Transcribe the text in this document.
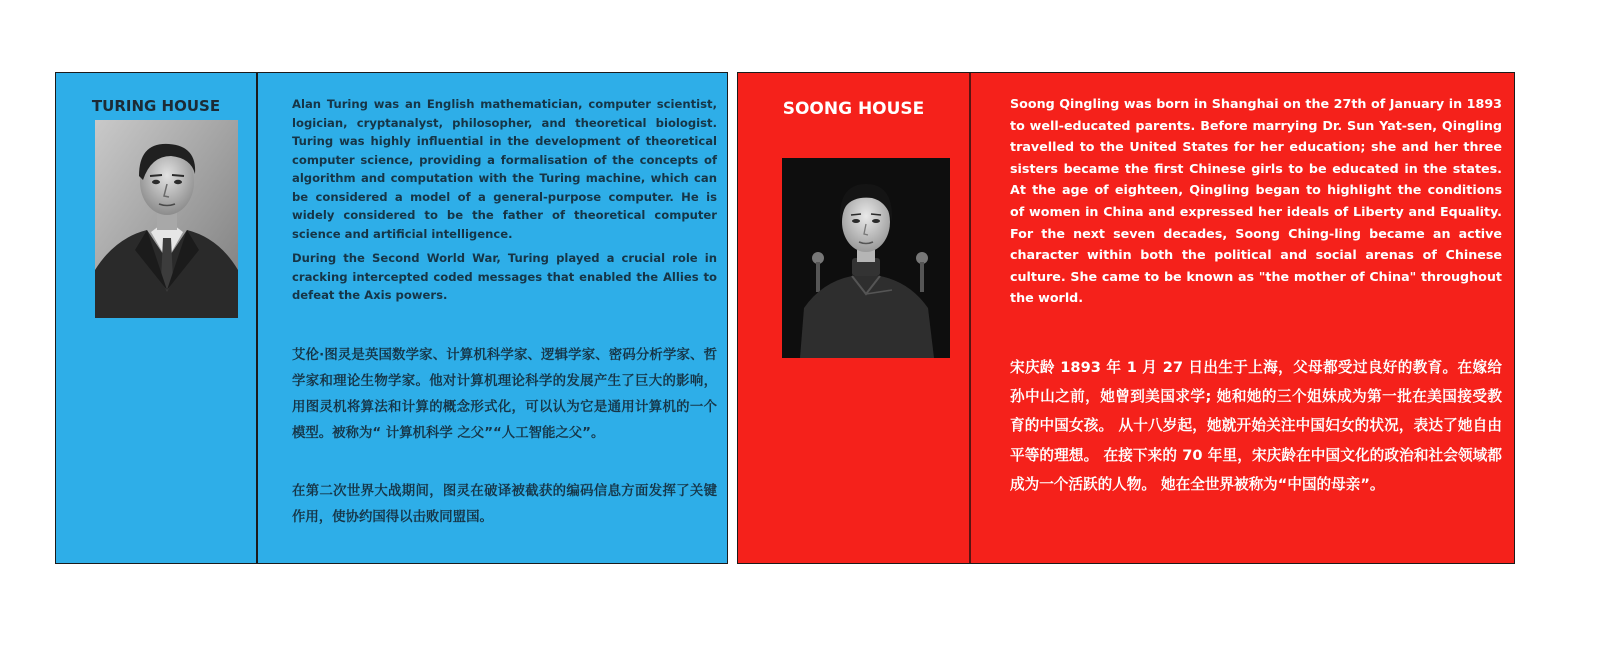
TURING HOUSE	Alan Turing was an English mathematician, computer scientist, logician, cryptanalyst, philosopher, and theoretical biologist. Turing was highly influential in the development of theoretical computer science, providing a formalisation of the concepts of algorithm and computation with the Turing machine, which can be considered a model of a general-purpose computer. He is widely considered to be the father of theoretical computer science and artificial intelligence.

During the Second World War, Turing played a crucial role in cracking intercepted coded messages that enabled the Allies to defeat the Axis powers.

艾伦·图灵是英国数学家、计算机科学家、逻辑学家、密码分析学家、哲学家和理论生物学家。他对计算机理论科学的发展产生了巨大的影响，用图灵机将算法和计算的概念形式化，可以认为它是通用计算机的一个模型。被称为“ 计算机科学 之父”“人工智能之父”。

在第二次世界大战期间，图灵在破译被截获的编码信息方面发挥了关键作用，使协约国得以击败同盟国。

SOONG HOUSE	Soong Qingling was born in Shanghai on the 27th of January in 1893 to well-educated parents. Before marrying Dr. Sun Yat-sen, Qingling travelled to the United States for her education; she and her three sisters became the first Chinese girls to be educated in the states. At the age of eighteen, Qingling began to highlight the conditions of women in China and expressed her ideals of Liberty and Equality. For the next seven decades, Soong Ching-ling became an active character within both the political and social arenas of Chinese culture. She came to be known as "the mother of China" throughout the world.

宋庆龄 1893 年 1 月 27 日出生于上海，父母都受过良好的教育。在嫁给孙中山之前，她曾到美国求学; 她和她的三个姐妹成为第一批在美国接受教育的中国女孩。 从十八岁起，她就开始关注中国妇女的状况，表达了她自由平等的理想。 在接下来的 70 年里，宋庆龄在中国文化的政治和社会领域都成为一个活跃的人物。 她在全世界被称为“中国的母亲”。
